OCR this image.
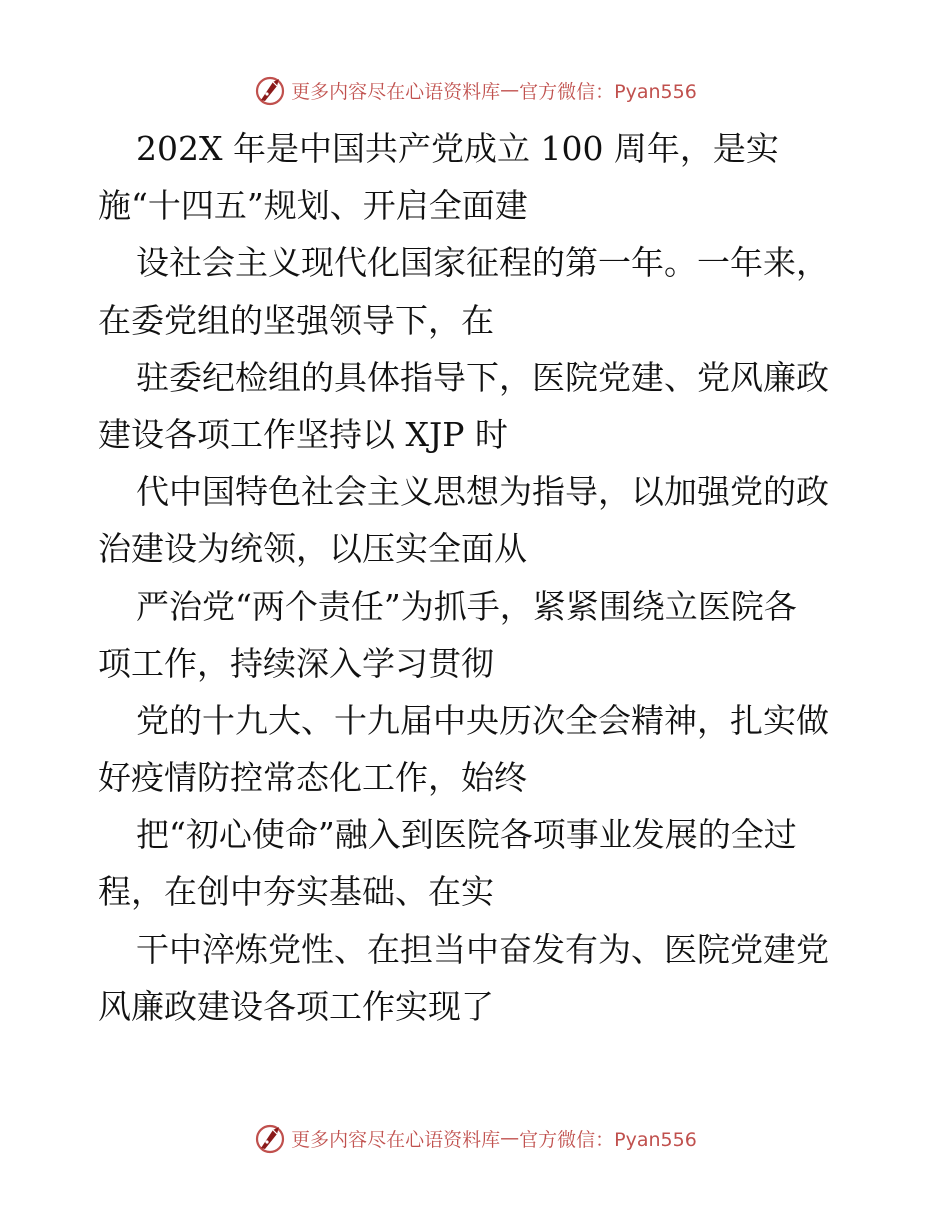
更多内容尽在心语资料库 — 官方微信：Pyan556
202X 年是中国共产党成立 100 周年，是实
施“十四五”规划、开启全面建
设社会主义现代化国家征程的第一年。一年来，
在委党组的坚强领导下，在
驻委纪检组的具体指导下，医院党建、党风廉政
建设各项工作坚持以 XJP 时
代中国特色社会主义思想为指导，以加强党的政
治建设为统领，以压实全面从
严治党“两个责任”为抓手，紧紧围绕立医院各
项工作，持续深入学习贯彻
党的十九大、十九届中央历次全会精神，扎实做
好疫情防控常态化工作，始终
把“初心使命”融入到医院各项事业发展的全过
程，在创中夯实基础、在实
干中淬炼党性、在担当中奋发有为、医院党建党
风廉政建设各项工作实现了
更多内容尽在心语资料库 — 官方微信：Pyan556
